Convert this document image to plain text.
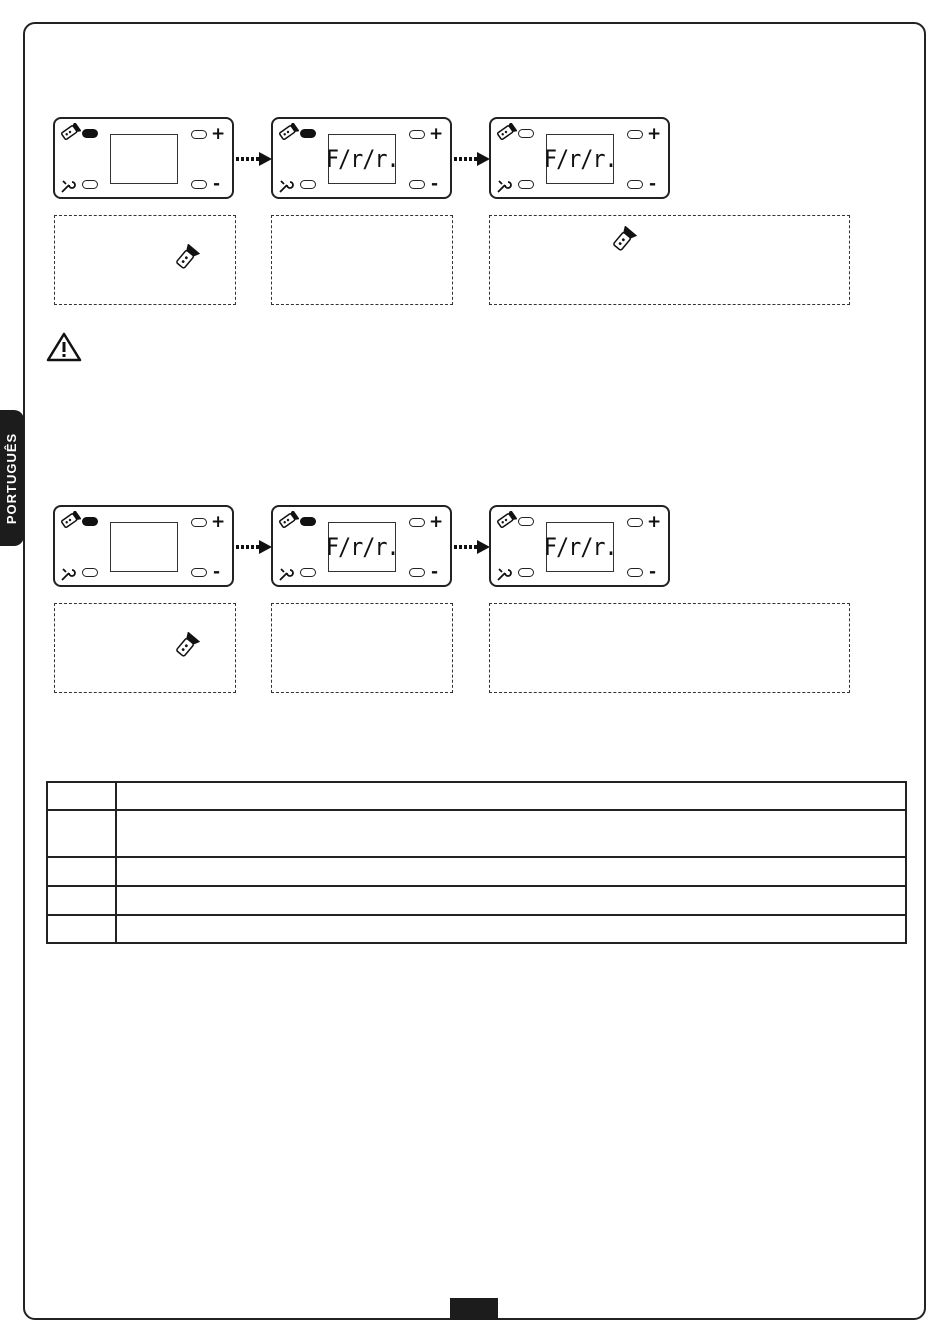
PORTUGUÊS
+
-
F/r/r.
+
-
F/r/r.
+
-
+
-
F/r/r.
+
-
F/r/r.
+
-
